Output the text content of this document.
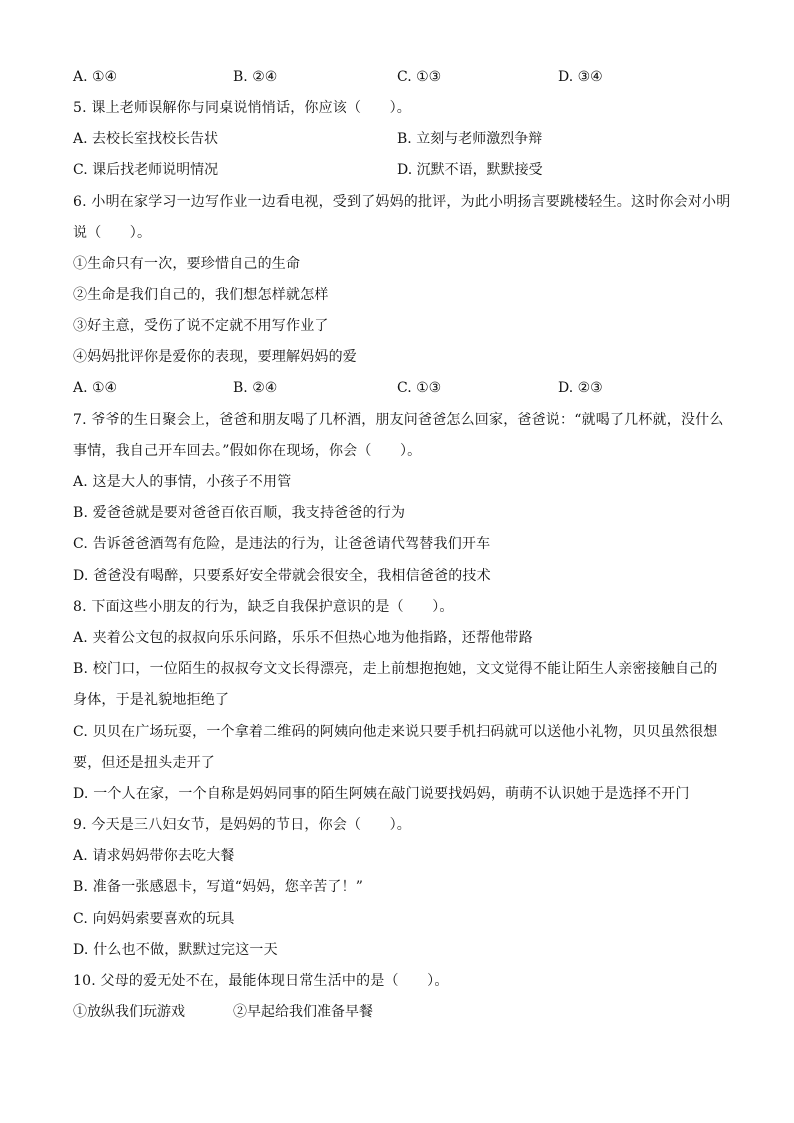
A. ①④	B. ②④	C. ①③	D. ③④
5. 课上老师误解你与同桌说悄悄话，你应该（　　）。
A. 去校长室找校长告状	B. 立刻与老师激烈争辩
C. 课后找老师说明情况	D. 沉默不语，默默接受
6. 小明在家学习一边写作业一边看电视，受到了妈妈的批评，为此小明扬言要跳楼轻生。这时你会对小明
说（　　）。
①生命只有一次，要珍惜自己的生命
②生命是我们自己的，我们想怎样就怎样
③好主意，受伤了说不定就不用写作业了
④妈妈批评你是爱你的表现，要理解妈妈的爱
A. ①④	B. ②④	C. ①③	D. ②③
7. 爷爷的生日聚会上，爸爸和朋友喝了几杯酒，朋友问爸爸怎么回家，爸爸说：“就喝了几杯就，没什么
事情，我自己开车回去。”假如你在现场，你会（　　）。
A. 这是大人的事情，小孩子不用管
B. 爱爸爸就是要对爸爸百依百顺，我支持爸爸的行为
C. 告诉爸爸酒驾有危险，是违法的行为，让爸爸请代驾替我们开车
D. 爸爸没有喝醉，只要系好安全带就会很安全，我相信爸爸的技术
8. 下面这些小朋友的行为，缺乏自我保护意识的是（　　）。
A. 夹着公文包的叔叔向乐乐问路，乐乐不但热心地为他指路，还帮他带路
B. 校门口，一位陌生的叔叔夸文文长得漂亮，走上前想抱抱她，文文觉得不能让陌生人亲密接触自己的
身体，于是礼貌地拒绝了
C. 贝贝在广场玩耍，一个拿着二维码的阿姨向他走来说只要手机扫码就可以送他小礼物，贝贝虽然很想
要，但还是扭头走开了
D. 一个人在家，一个自称是妈妈同事的陌生阿姨在敲门说要找妈妈，萌萌不认识她于是选择不开门
9. 今天是三八妇女节，是妈妈的节日，你会（　　）。
A. 请求妈妈带你去吃大餐
B. 准备一张感恩卡，写道“妈妈，您辛苦了！”
C. 向妈妈索要喜欢的玩具
D. 什么也不做，默默过完这一天
10. 父母的爱无处不在，最能体现日常生活中的是（　　）。
①放纵我们玩游戏	②早起给我们准备早餐
